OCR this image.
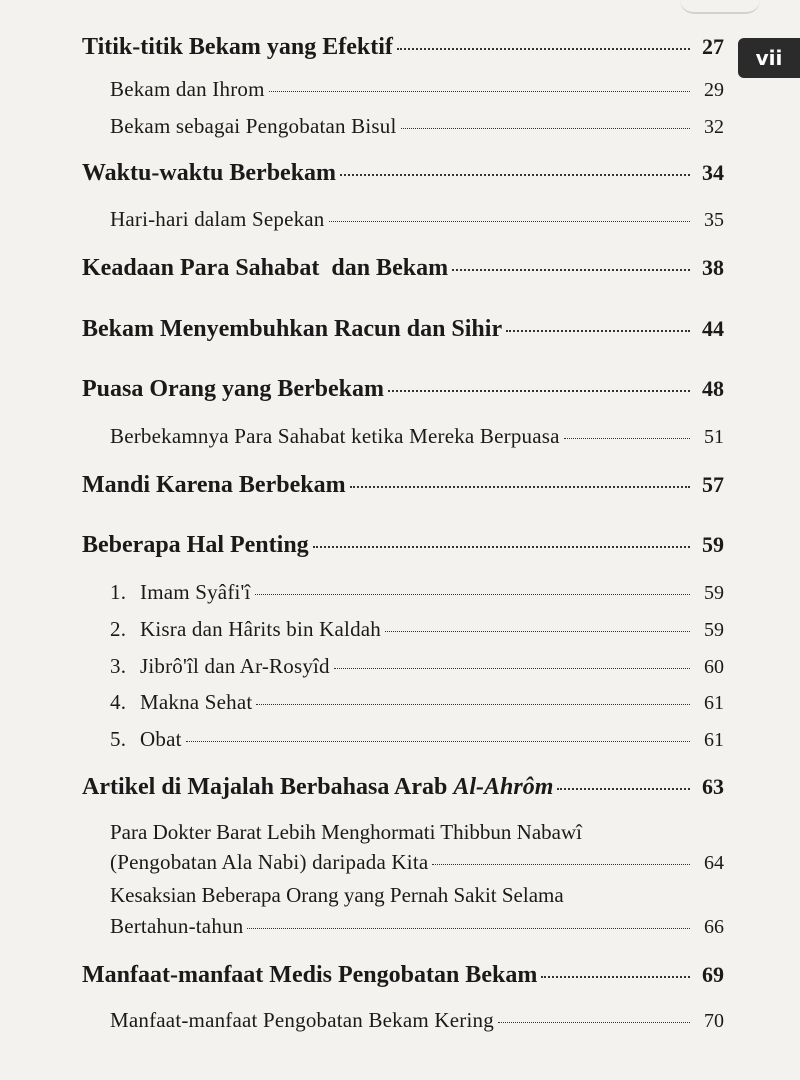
vii
Titik-titik Bekam yang Efektif	27
Bekam dan Ihrom	29
Bekam sebagai Pengobatan Bisul	32
Waktu-waktu Berbekam	34
Hari-hari dalam Sepekan	35
Keadaan Para Sahabat  dan Bekam	38
Bekam Menyembuhkan Racun dan Sihir	44
Puasa Orang yang Berbekam	48
Berbekamnya Para Sahabat ketika Mereka Berpuasa	51
Mandi Karena Berbekam	57
Beberapa Hal Penting	59
1. Imam Syâfi'î	59
2. Kisra dan Hârits bin Kaldah	59
3. Jibrô'îl dan Ar-Rosyîd	60
4. Makna Sehat	61
5. Obat	61
Artikel di Majalah Berbahasa Arab Al-Ahrôm	63
Para Dokter Barat Lebih Menghormati Thibbun Nabawî
(Pengobatan Ala Nabi) daripada Kita	64
Kesaksian Beberapa Orang yang Pernah Sakit Selama
Bertahun-tahun	66
Manfaat-manfaat Medis Pengobatan Bekam	69
Manfaat-manfaat Pengobatan Bekam Kering	70
